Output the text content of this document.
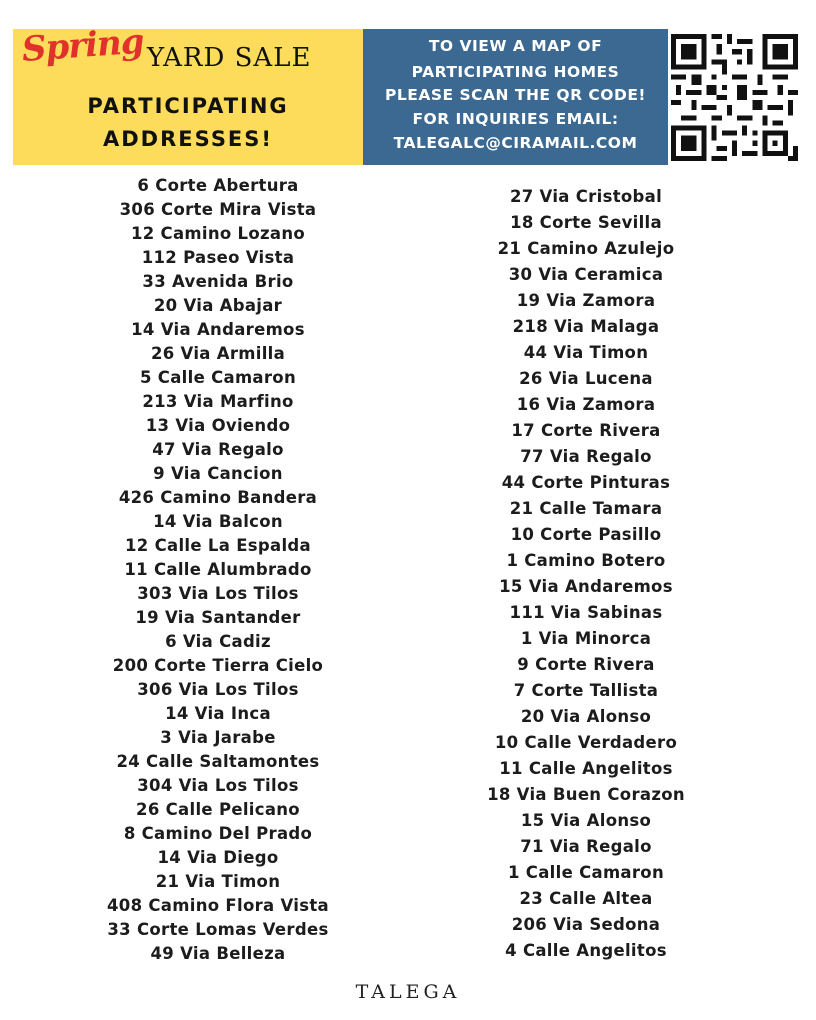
Spring YARD SALE
PARTICIPATING
ADDRESSES!
TO VIEW A MAP OF
PARTICIPATING HOMES
PLEASE SCAN THE QR CODE!
FOR INQUIRIES EMAIL:
TALEGALC@CIRAMAIL.COM
6 Corte Abertura
306 Corte Mira Vista
12 Camino Lozano
112 Paseo Vista
33 Avenida Brio
20 Via Abajar
14 Via Andaremos
26 Via Armilla
5 Calle Camaron
213 Via Marfino
13 Via Oviendo
47 Via Regalo
9 Via Cancion
426 Camino Bandera
14 Via Balcon
12 Calle La Espalda
11 Calle Alumbrado
303 Via Los Tilos
19 Via Santander
6 Via Cadiz
200 Corte Tierra Cielo
306 Via Los Tilos
14 Via Inca
3 Via Jarabe
24 Calle Saltamontes
304 Via Los Tilos
26 Calle Pelicano
8 Camino Del Prado
14 Via Diego
21 Via Timon
408 Camino Flora Vista
33 Corte Lomas Verdes
49 Via Belleza
27 Via Cristobal
18 Corte Sevilla
21 Camino Azulejo
30 Via Ceramica
19 Via Zamora
218 Via Malaga
44 Via Timon
26 Via Lucena
16 Via Zamora
17 Corte Rivera
77 Via Regalo
44 Corte Pinturas
21 Calle Tamara
10 Corte Pasillo
1 Camino Botero
15 Via Andaremos
111 Via Sabinas
1 Via Minorca
9 Corte Rivera
7 Corte Tallista
20 Via Alonso
10 Calle Verdadero
11 Calle Angelitos
18 Via Buen Corazon
15 Via Alonso
71 Via Regalo
1 Calle Camaron
23 Calle Altea
206 Via Sedona
4 Calle Angelitos
TALEGA
